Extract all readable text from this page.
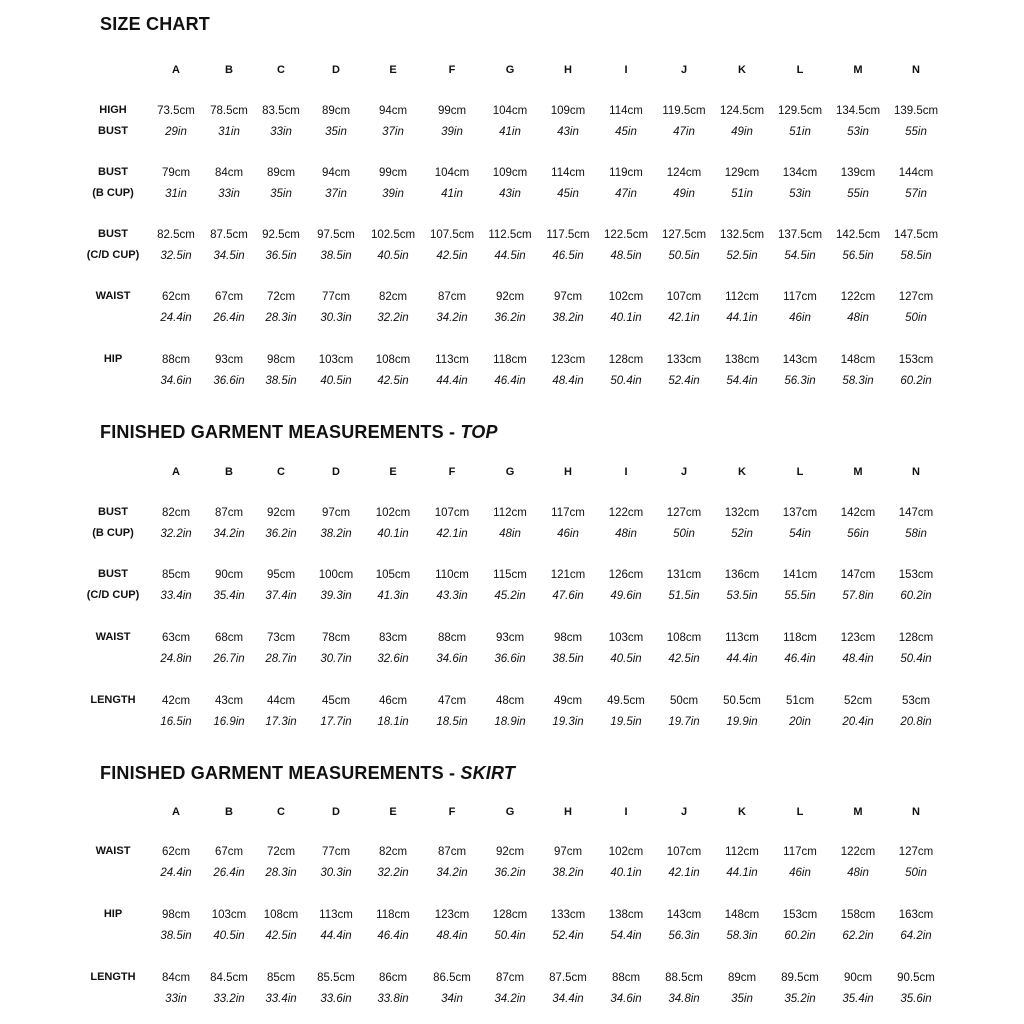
SIZE CHART
A	B	C	D	E	F	G	H	I	J	K	L	M	N
HIGH
BUST
73.5cm	78.5cm	83.5cm	89cm	94cm	99cm	104cm	109cm	114cm	119.5cm	124.5cm	129.5cm	134.5cm	139.5cm
29in	31in	33in	35in	37in	39in	41in	43in	45in	47in	49in	51in	53in	55in
BUST
(B CUP)
79cm	84cm	89cm	94cm	99cm	104cm	109cm	114cm	119cm	124cm	129cm	134cm	139cm	144cm
31in	33in	35in	37in	39in	41in	43in	45in	47in	49in	51in	53in	55in	57in
BUST
(C/D CUP)
82.5cm	87.5cm	92.5cm	97.5cm	102.5cm	107.5cm	112.5cm	117.5cm	122.5cm	127.5cm	132.5cm	137.5cm	142.5cm	147.5cm
32.5in	34.5in	36.5in	38.5in	40.5in	42.5in	44.5in	46.5in	48.5in	50.5in	52.5in	54.5in	56.5in	58.5in
WAIST	62cm	67cm	72cm	77cm	82cm	87cm	92cm	97cm	102cm	107cm	112cm	117cm	122cm	127cm
24.4in	26.4in	28.3in	30.3in	32.2in	34.2in	36.2in	38.2in	40.1in	42.1in	44.1in	46in	48in	50in
HIP	88cm	93cm	98cm	103cm	108cm	113cm	118cm	123cm	128cm	133cm	138cm	143cm	148cm	153cm
34.6in	36.6in	38.5in	40.5in	42.5in	44.4in	46.4in	48.4in	50.4in	52.4in	54.4in	56.3in	58.3in	60.2in
FINISHED GARMENT MEASUREMENTS - TOP
A	B	C	D	E	F	G	H	I	J	K	L	M	N
BUST
(B CUP)
82cm	87cm	92cm	97cm	102cm	107cm	112cm	117cm	122cm	127cm	132cm	137cm	142cm	147cm
32.2in	34.2in	36.2in	38.2in	40.1in	42.1in	48in	46in	48in	50in	52in	54in	56in	58in
BUST
(C/D CUP)
85cm	90cm	95cm	100cm	105cm	110cm	115cm	121cm	126cm	131cm	136cm	141cm	147cm	153cm
33.4in	35.4in	37.4in	39.3in	41.3in	43.3in	45.2in	47.6in	49.6in	51.5in	53.5in	55.5in	57.8in	60.2in
WAIST	63cm	68cm	73cm	78cm	83cm	88cm	93cm	98cm	103cm	108cm	113cm	118cm	123cm	128cm
24.8in	26.7in	28.7in	30.7in	32.6in	34.6in	36.6in	38.5in	40.5in	42.5in	44.4in	46.4in	48.4in	50.4in
LENGTH	42cm	43cm	44cm	45cm	46cm	47cm	48cm	49cm	49.5cm	50cm	50.5cm	51cm	52cm	53cm
16.5in	16.9in	17.3in	17.7in	18.1in	18.5in	18.9in	19.3in	19.5in	19.7in	19.9in	20in	20.4in	20.8in
FINISHED GARMENT MEASUREMENTS - SKIRT
A	B	C	D	E	F	G	H	I	J	K	L	M	N
WAIST	62cm	67cm	72cm	77cm	82cm	87cm	92cm	97cm	102cm	107cm	112cm	117cm	122cm	127cm
24.4in	26.4in	28.3in	30.3in	32.2in	34.2in	36.2in	38.2in	40.1in	42.1in	44.1in	46in	48in	50in
HIP	98cm	103cm	108cm	113cm	118cm	123cm	128cm	133cm	138cm	143cm	148cm	153cm	158cm	163cm
38.5in	40.5in	42.5in	44.4in	46.4in	48.4in	50.4in	52.4in	54.4in	56.3in	58.3in	60.2in	62.2in	64.2in
LENGTH	84cm	84.5cm	85cm	85.5cm	86cm	86.5cm	87cm	87.5cm	88cm	88.5cm	89cm	89.5cm	90cm	90.5cm
33in	33.2in	33.4in	33.6in	33.8in	34in	34.2in	34.4in	34.6in	34.8in	35in	35.2in	35.4in	35.6in
